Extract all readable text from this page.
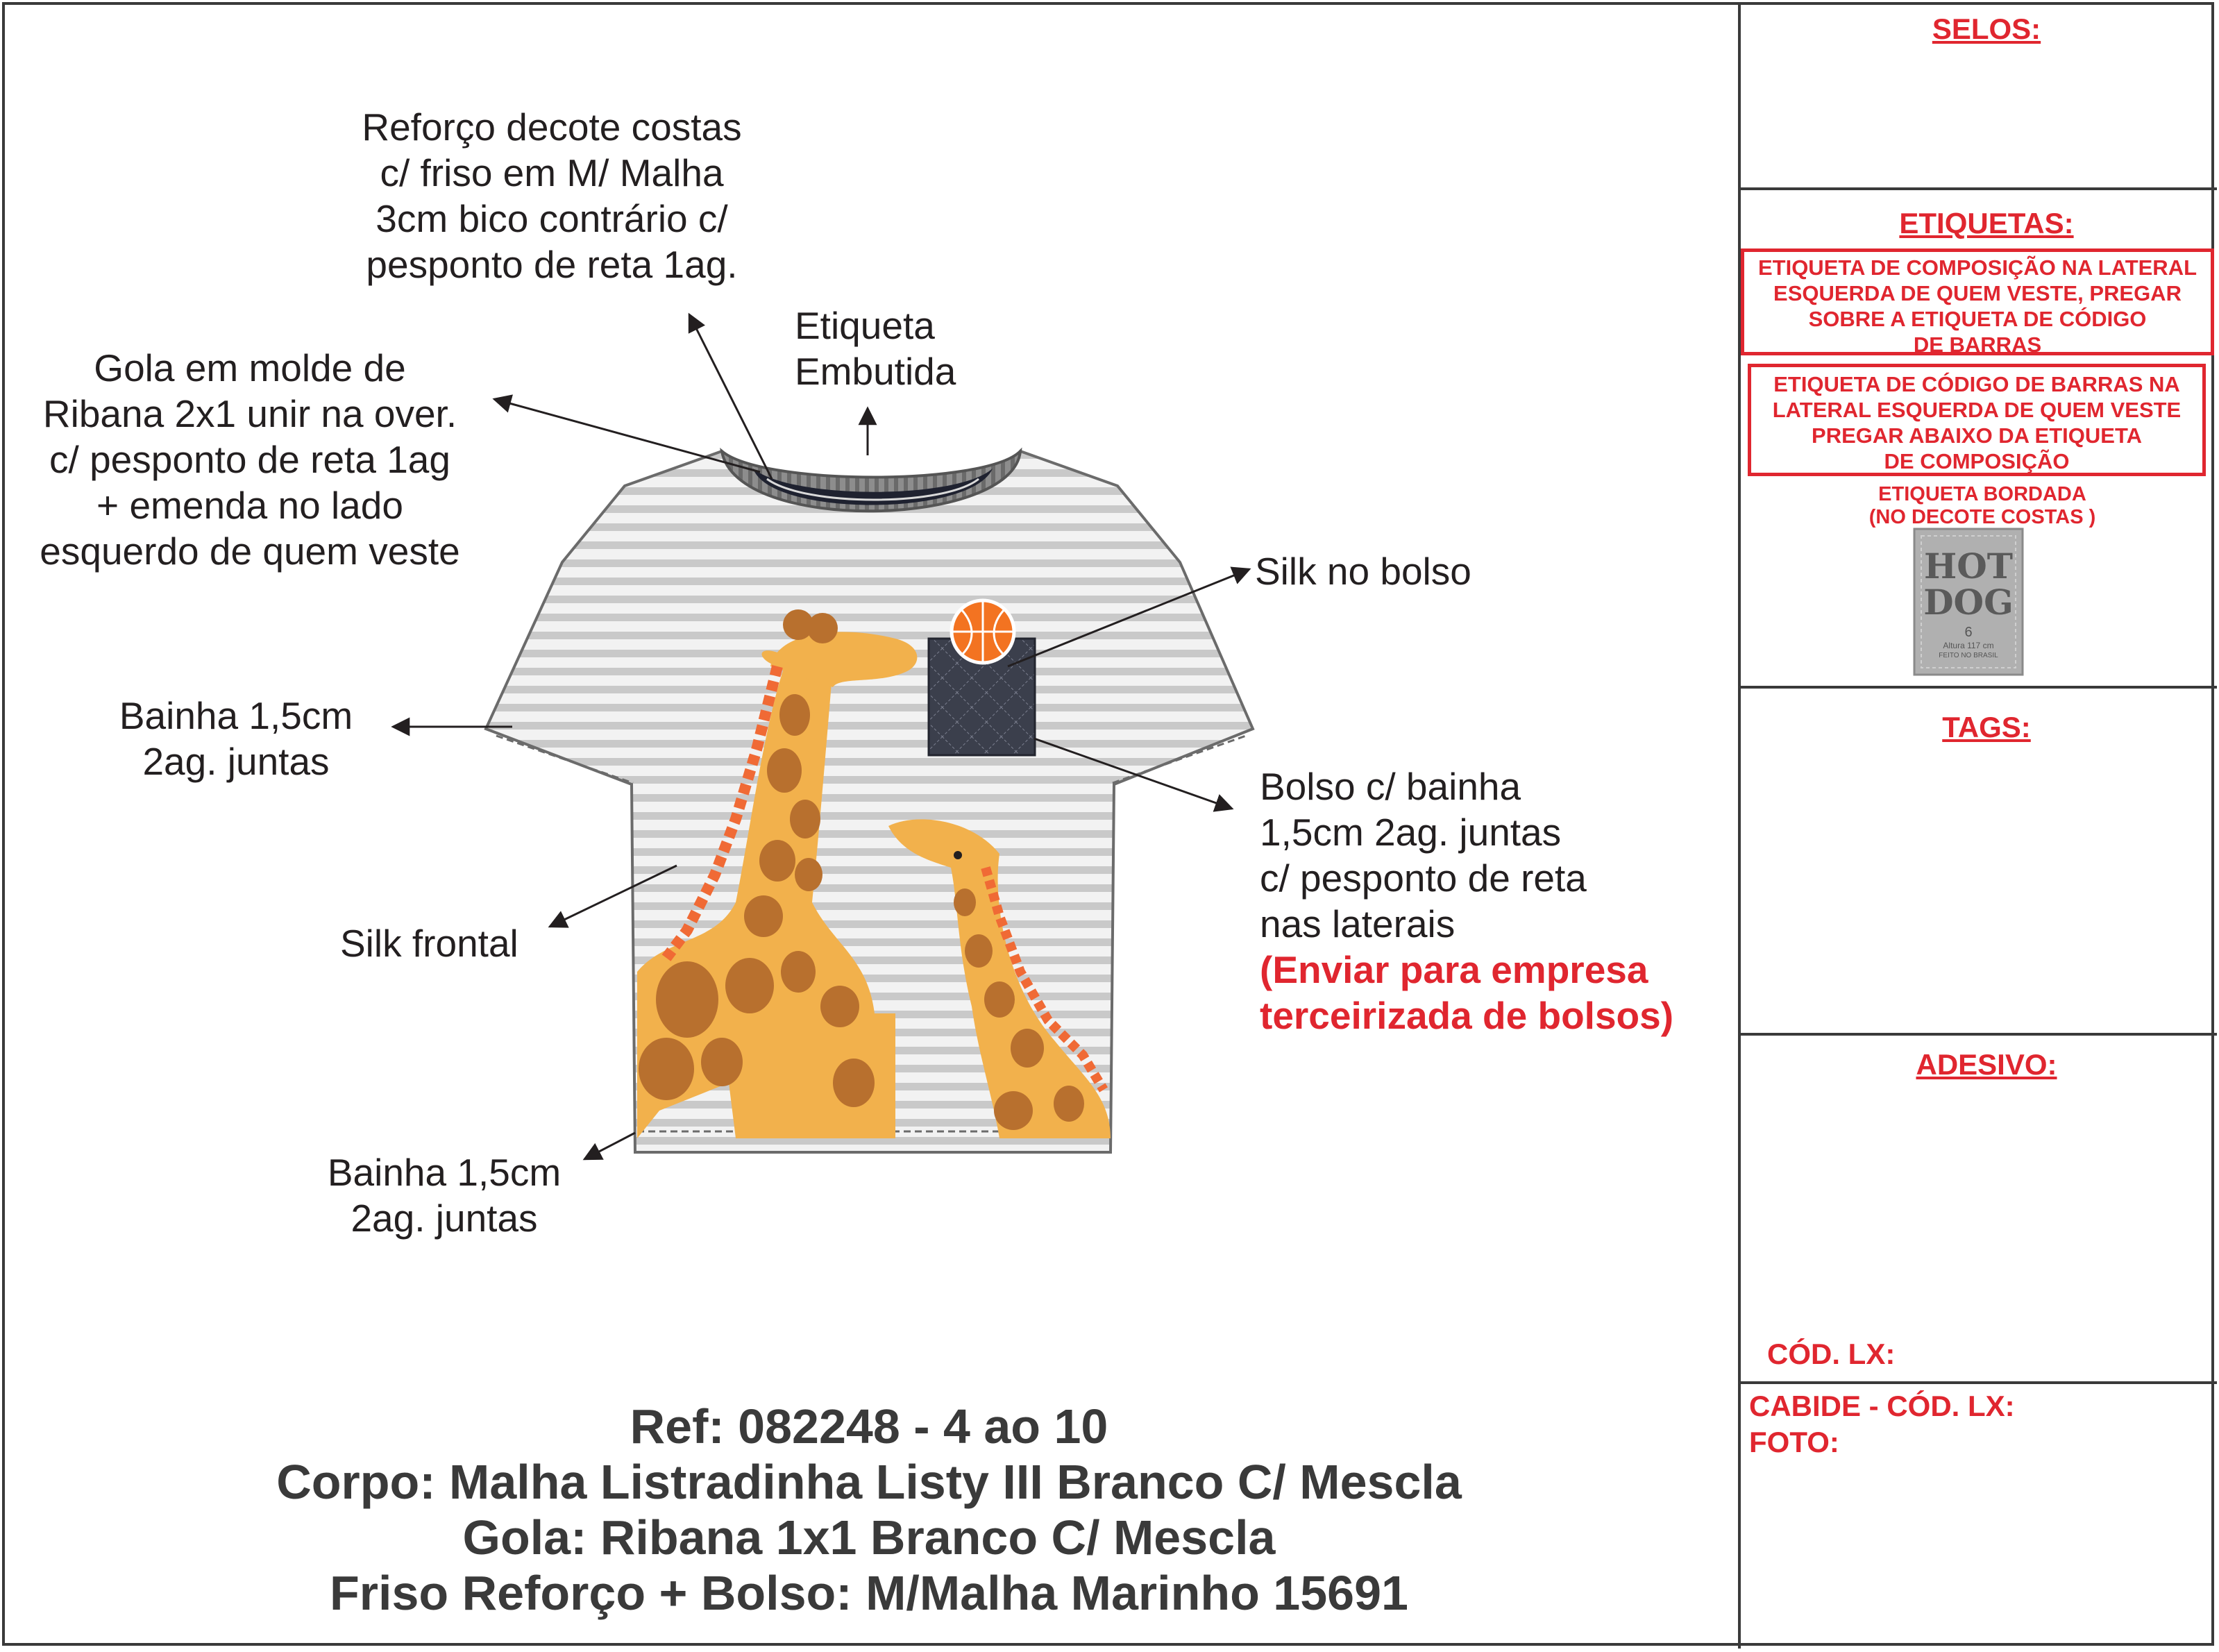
Reforço decote costas
c/ friso em M/ Malha
3cm bico contrário c/
pesponto de reta 1ag.
Etiqueta
Embutida
Gola em molde de
Ribana 2x1 unir na over.
c/ pesponto de reta 1ag
+ emenda no lado
esquerdo de quem veste	Silk no bolso
Bainha 1,5cm
2ag. juntas
Bolso c/ bainha
1,5cm 2ag. juntas
c/ pesponto de reta
nas laterais
(Enviar para empresa
terceirizada de bolsos)
Silk frontal
Bainha 1,5cm
2ag. juntas
Ref: 082248 - 4 ao 10
Corpo: Malha Listradinha Listy III Branco C/ Mescla
Gola: Ribana 1x1 Branco C/ Mescla
Friso Reforço + Bolso: M/Malha Marinho 15691
SELOS:
ETIQUETAS:
ETIQUETA DE COMPOSIÇÃO NA LATERAL
ESQUERDA DE QUEM VESTE, PREGAR
SOBRE A ETIQUETA DE CÓDIGO
DE BARRAS
ETIQUETA DE CÓDIGO DE BARRAS NA
LATERAL ESQUERDA DE QUEM VESTE
PREGAR ABAIXO DA ETIQUETA
DE COMPOSIÇÃO
ETIQUETA BORDADA
(NO DECOTE COSTAS )
HOT
DOG
6
Altura 117 cm
FEITO NO BRASIL
TAGS:
ADESIVO:
CÓD. LX:
CABIDE - CÓD. LX:
FOTO:
